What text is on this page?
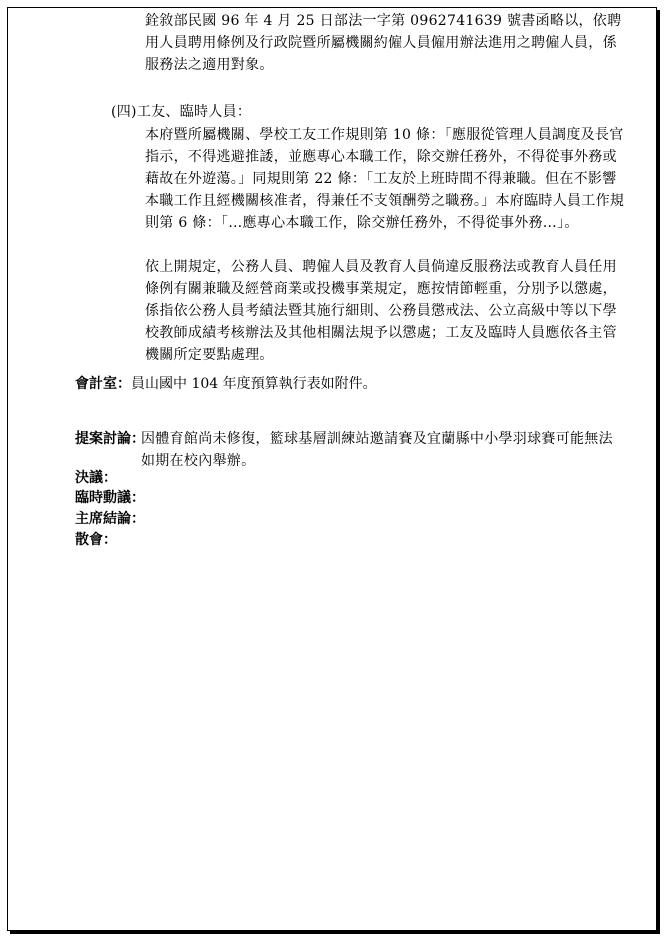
銓敘部民國 96 年 4 月 25 日部法一字第 0962741639 號書函略以，依聘用人員聘用條例及行政院暨所屬機關約僱人員僱用辦法進用之聘僱人員，係服務法之適用對象。

(四)工友、臨時人員：

本府暨所屬機關、學校工友工作規則第 10 條：「應服從管理人員調度及長官指示，不得逃避推諉，並應專心本職工作，除交辦任務外，不得從事外務或藉故在外遊蕩。」同規則第 22 條：「工友於上班時間不得兼職。但在不影響本職工作且經機關核准者，得兼任不支領酬勞之職務。」本府臨時人員工作規則第 6 條：「…應專心本職工作，除交辦任務外，不得從事外務…」。

依上開規定，公務人員、聘僱人員及教育人員倘違反服務法或教育人員任用條例有關兼職及經營商業或投機事業規定，應按情節輕重，分別予以懲處，係指依公務人員考績法暨其施行細則、公務員懲戒法、公立高級中等以下學校教師成績考核辦法及其他相關法規予以懲處；工友及臨時人員應依各主管機關所定要點處理。

會計室：員山國中 104 年度預算執行表如附件。
提案討論：
因體育館尚未修復，籃球基層訓練站邀請賽及宜蘭縣中小學羽球賽可能無法如期在校內舉辦。
決議：
臨時動議：
主席結論：
散會：
